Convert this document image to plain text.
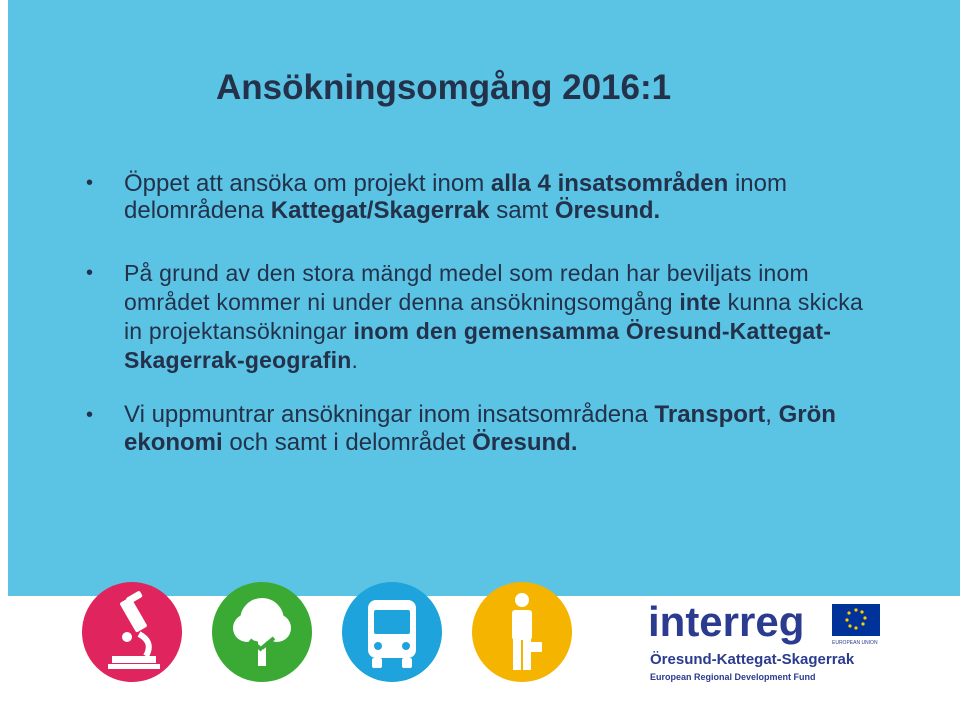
Ansökningsomgång 2016:1
• Öppet att ansöka om projekt inom alla 4 insatsområden inom delområdena Kattegat/Skagerrak samt Öresund.
• På grund av den stora mängd medel som redan har beviljats inom området kommer ni under denna ansökningsomgång inte kunna skicka in projektansökningar inom den gemensamma Öresund-Kattegat-Skagerrak-geografin.
• Vi uppmuntrar ansökningar inom insatsområdena Transport, Grön ekonomi och samt i delområdet Öresund.
interreg	EUROPEAN UNION
Öresund-Kattegat-Skagerrak
European Regional Development Fund
